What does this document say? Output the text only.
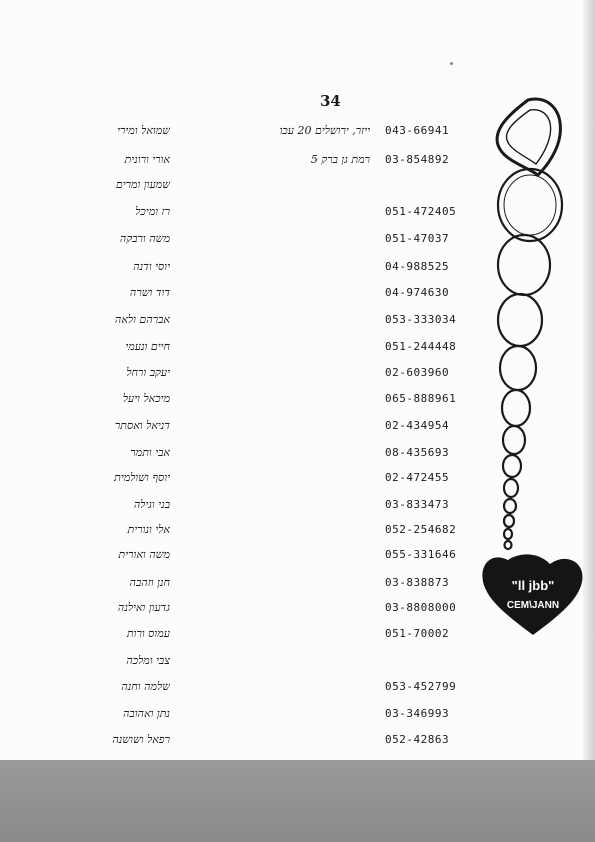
34
שמואל ומירי	ייזר, ירושלים 20 עכו 043-66941
אורי ורונית	רמת גן ברק 5 03-854892
שמעון ומרים
רז ומיכל	051-472405
משה ורבקה	051-47037
יוסי ודנה	04-988525
דוד ושרה	04-974630
אברהם ולאה	053-333034
חיים ונעמי	051-244448
יעקב ורחל	02-603960
מיכאל ויעל	065-888961
דניאל ואסתר	02-434954
אבי ותמר	08-435693
יוסף ושולמית	02-472455
בני וגילה	03-833473
אלי ונורית	052-254682
משה ואורית	055-331646
חנן וזהבה	03-838873
גדעון ואילנה	03-8808000
עמוס ורות	051-70002
צבי ומלכה
שלמה וחנה	053-452799
נתן ואהובה	03-346993
רפאל ושושנה	052-42863
"ll jbb"
CEM\JANN
